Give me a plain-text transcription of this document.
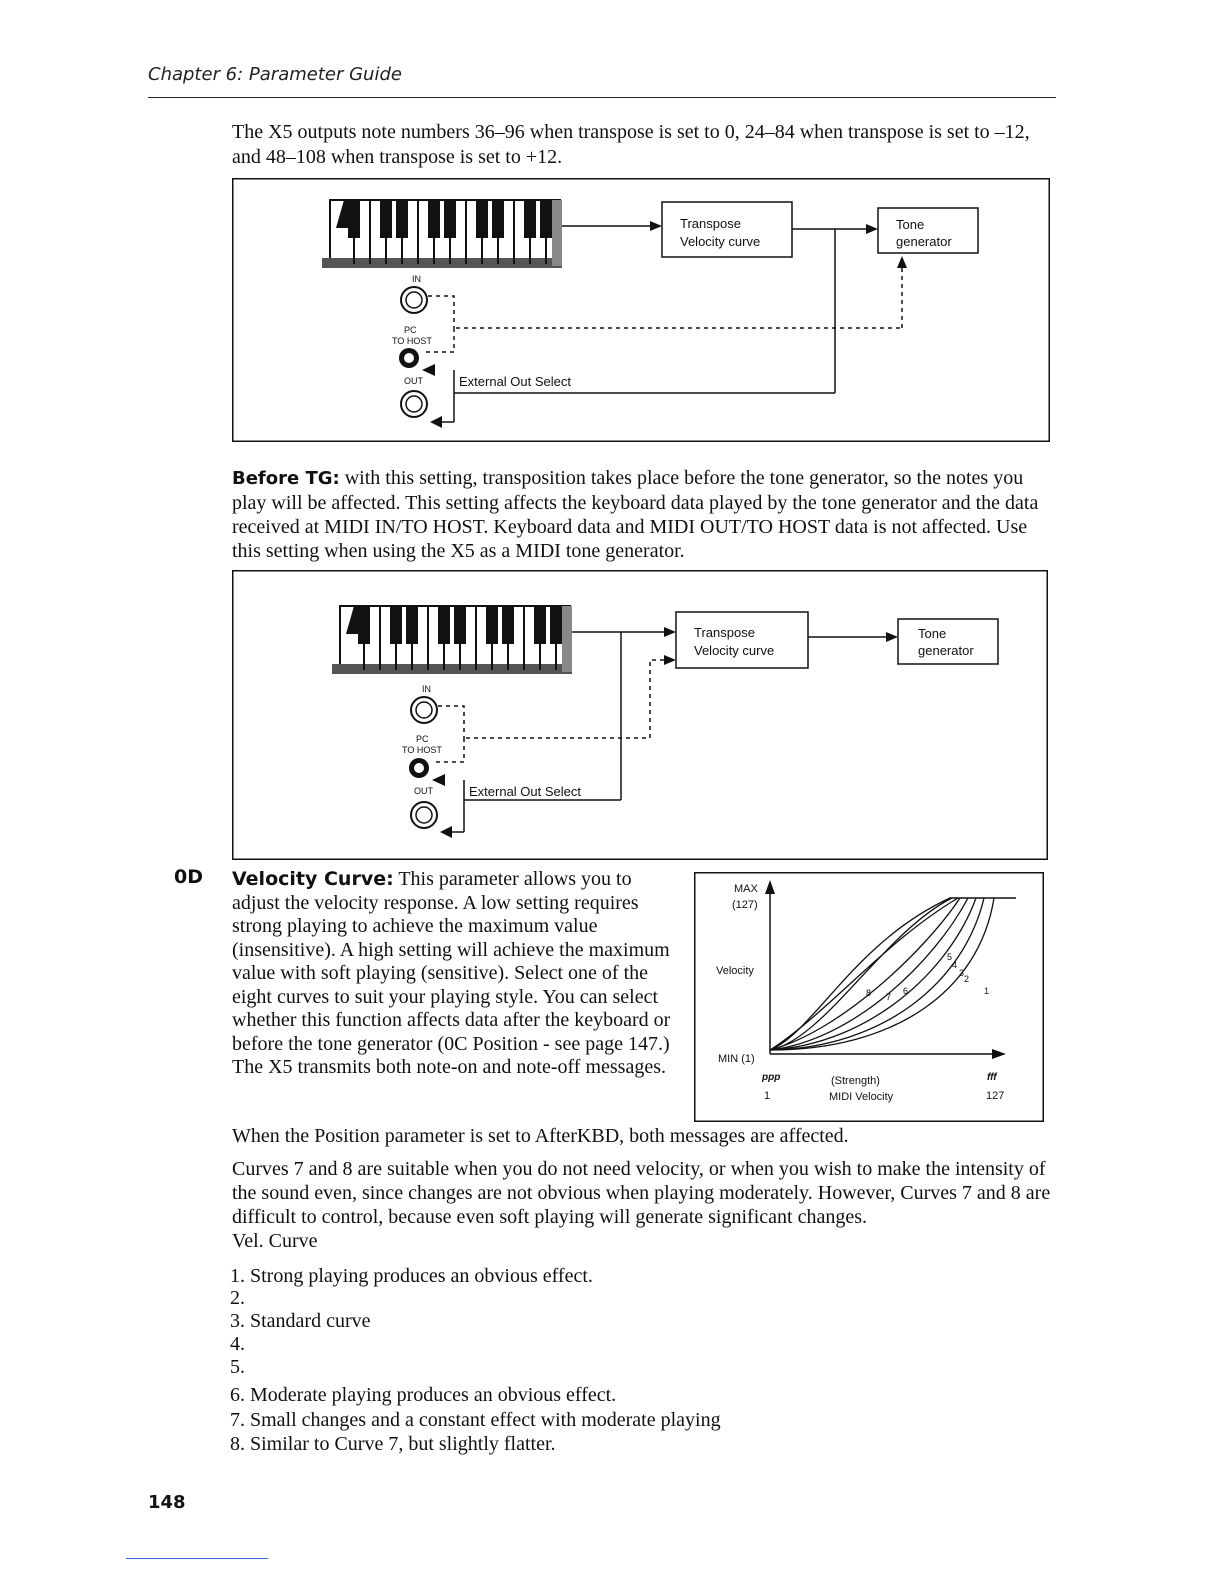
Chapter 6: Parameter Guide
The X5 outputs note numbers 36–96 when transpose is set to 0, 24–84 when transpose is set to –12, and 48–108 when transpose is set to +12.
Transpose
Velocity curve
Tone
generator
IN
PC
TO HOST
OUT	External Out Select
Before TG: with this setting, transposition takes place before the tone generator, so the notes you play will be affected. This setting affects the keyboard data played by the tone generator and the data received at MIDI IN/TO HOST. Keyboard data and MIDI OUT/TO HOST data is not affected. Use this setting when using the X5 as a MIDI tone generator.
Transpose
Velocity curve
Tone
generator
IN
PC
TO HOST
OUT	External Out Select
0D Velocity Curve: This parameter allows you to adjust the velocity response. A low setting requires strong playing to achieve the maximum value (insensitive). A high setting will achieve the maximum value with soft playing (sensitive). Select one of the eight curves to suit your playing style. You can select whether this function affects data after the keyboard or before the tone generator (0C Position - see page 147.) The X5 transmits both note-on and note-off messages.
MAX
(127)
Velocity
MIN (1)
1
2
3
4
5
6
7
8
ppp	fff
(Strength)
1	MIDI Velocity	127
When the Position parameter is set to AfterKBD, both messages are affected.
Curves 7 and 8 are suitable when you do not need velocity, or when you wish to make the intensity of the sound even, since changes are not obvious when playing moderately. However, Curves 7 and 8 are difficult to control, because even soft playing will generate significant changes.
Vel. Curve
1. Strong playing produces an obvious effect.
2.
3. Standard curve
4.
5.
6. Moderate playing produces an obvious effect.
7. Small changes and a constant effect with moderate playing
8. Similar to Curve 7, but slightly flatter.
148
